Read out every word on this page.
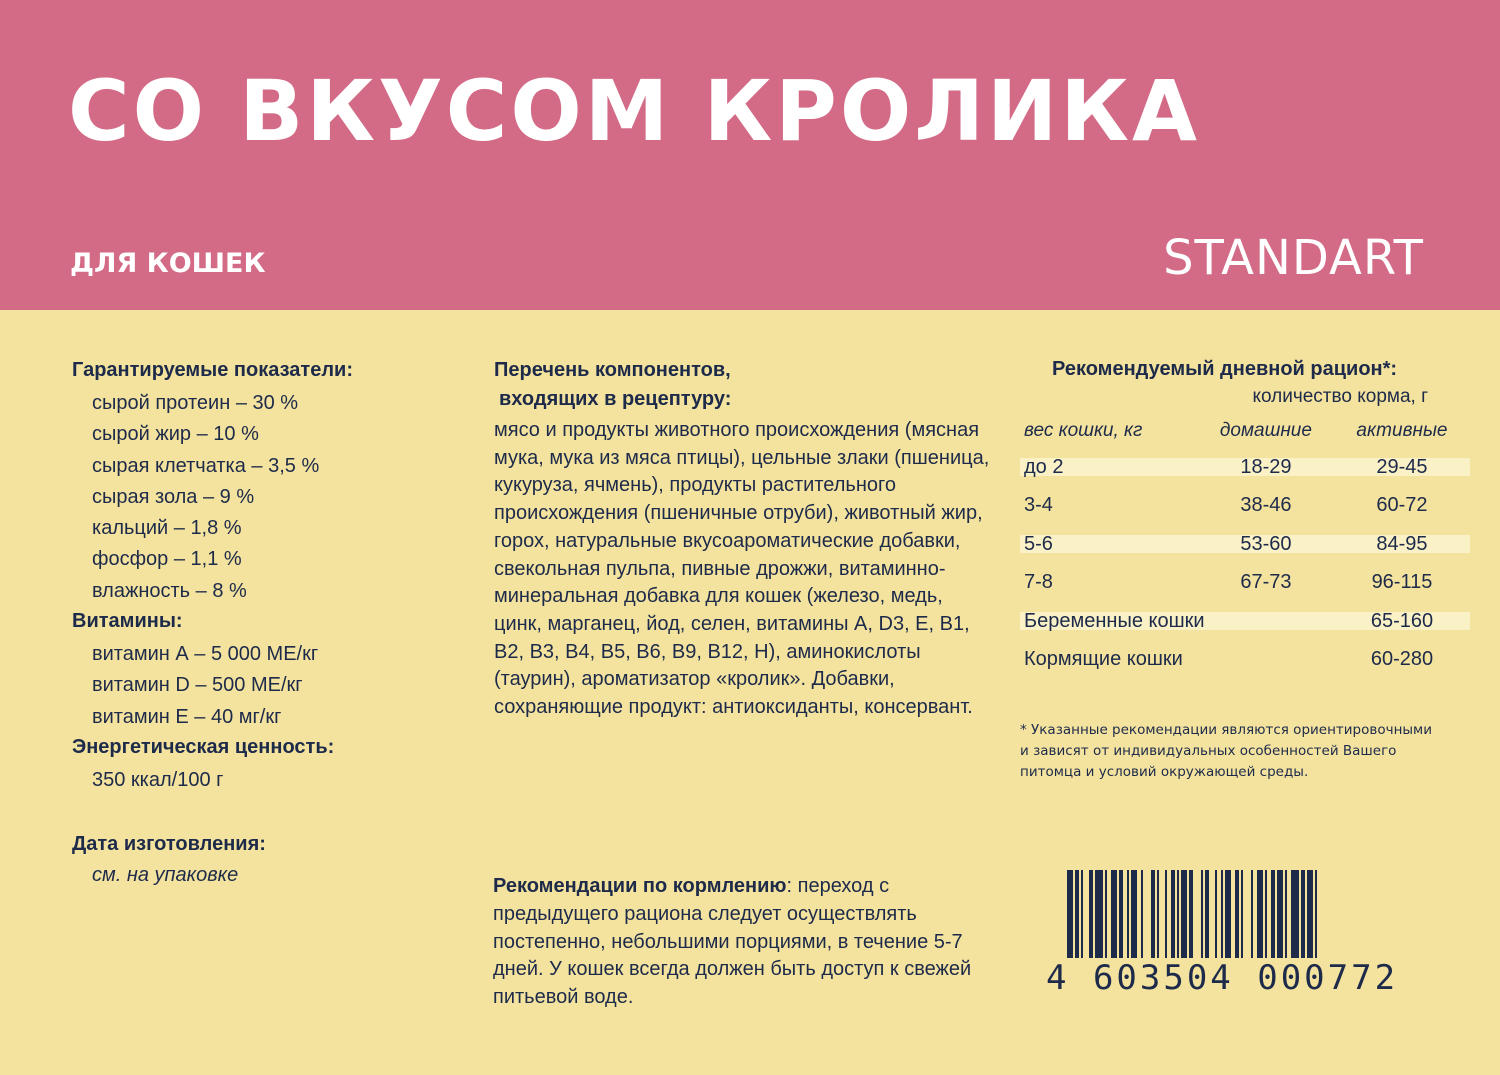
СО ВКУСОМ КРОЛИКА
ДЛЯ КОШЕК	STANDART
Гарантируемые показатели:
сырой протеин – 30 %
сырой жир – 10 %
сырая клетчатка – 3,5 %
сырая зола – 9 %
кальций – 1,8 %
фосфор – 1,1 %
влажность – 8 %
Витамины:
витамин А – 5 000 МЕ/кг
витамин D – 500 МЕ/кг
витамин Е – 40 мг/кг
Энергетическая ценность:
350 ккал/100 г
Дата изготовления:
см. на упаковке
Перечень компонентов,
входящих в рецептуру:
мясо и продукты животного происхождения (мясная мука, мука из мяса птицы), цельные злаки (пшеница, кукуруза, ячмень), продукты растительного происхождения (пшеничные отруби), животный жир, горох, натуральные вкусоароматические добавки, свекольная пульпа, пивные дрожжи, витаминно-минеральная добавка для кошек (железо, медь, цинк, марганец, йод, селен, витамины А, D3, Е, В1, В2, В3, В4, В5, В6, В9, В12, Н), аминокислоты (таурин), ароматизатор «кролик». Добавки, сохраняющие продукт: антиоксиданты, консервант.
Рекомендации по кормлению: переход с предыдущего рациона следует осуществлять постепенно, небольшими порциями, в течение 5-7 дней. У кошек всегда должен быть доступ к свежей питьевой воде.
Рекомендуемый дневной рацион*:
количество корма, г
вес кошки, кг	домашние	активные
до 2	18-29	29-45
3-4	38-46	60-72
5-6	53-60	84-95
7-8	67-73	96-115
Беременные кошки		65-160
Кормящие кошки		60-280
* Указанные рекомендации являются ориентировочными и зависят от индивидуальных особенностей Вашего питомца и условий окружающей среды.
4 603504 000772
